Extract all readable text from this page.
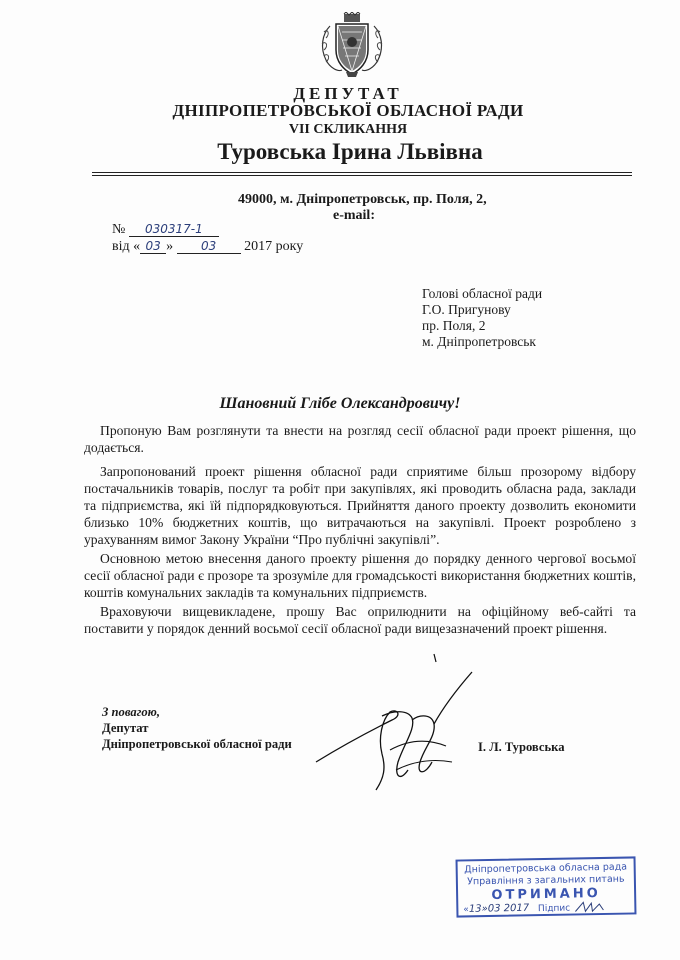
ДЕПУТАТ
ДНІПРОПЕТРОВСЬКОЇ ОБЛАСНОЇ РАДИ
VII СКЛИКАННЯ
Туровська Ірина Львівна
49000, м. Дніпропетровськ, пр. Поля, 2,
e-mail:
№ 030317-1
від « 03 » 03 2017 року
Голові обласної ради
Г.О. Пригунову
пр. Поля, 2
м. Дніпропетровськ
Шановний Глібе Олександровичу!

Пропоную Вам розглянути та внести на розгляд сесії обласної ради проект рішення, що додається.

Запропонований проект рішення обласної ради сприятиме більш прозорому відбору постачальників товарів, послуг та робіт при закупівлях, які проводить обласна рада, заклади та підприємства, які їй підпорядковуються. Прийняття даного проекту дозволить економити близько 10% бюджетних коштів, що витрачаються на закупівлі. Проект розроблено з урахуванням вимог Закону України “Про публічні закупівлі”.

Основною метою внесення даного проекту рішення до порядку денного чергової восьмої сесії обласної ради є прозоре та зрозуміле для громадськості використання бюджетних коштів, коштів комунальних закладів та комунальних підприємств.

Враховуючи вищевикладене, прошу Вас оприлюднити на офіційному веб-сайті та поставити у порядок денний восьмої сесії обласної ради вищезазначений проект рішення.

З повагою,
Депутат
Дніпропетровської обласної ради	І. Л. Туровська
Дніпропетровська обласна рада
Управління з загальних питань
ОТРИМАНО
«13»03 2017 Підпис
